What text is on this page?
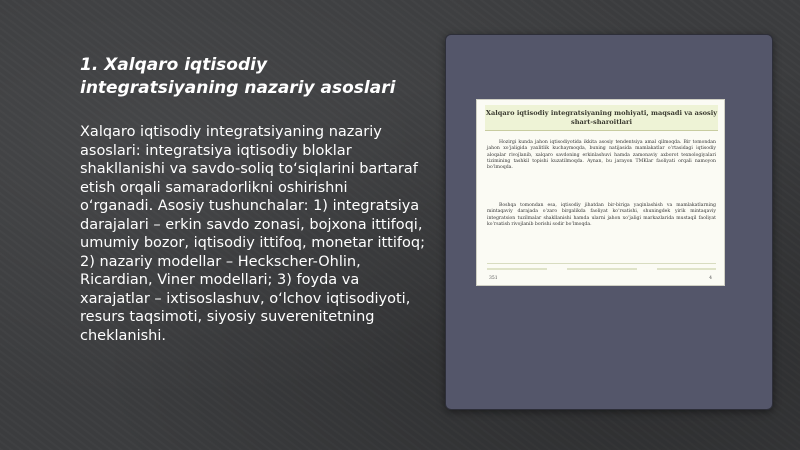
1. Xalqaro iqtisodiy integratsiyaning nazariy asoslari

Xalqaro iqtisodiy integratsiyaning nazariy asoslari: integratsiya iqtisodiy bloklar shakllanishi va savdo-soliq to‘siqlarini bartaraf etish orqali samaradorlikni oshirishni o‘rganadi. Asosiy tushunchalar: 1) integratsiya darajalari – erkin savdo zonasi, bojxona ittifoqi, umumiy bozor, iqtisodiy ittifoq, monetar ittifoq; 2) nazariy modellar – Heckscher-Ohlin, Ricardian, Viner modellari; 3) foyda va xarajatlar – ixtisoslashuv, o‘lchov iqtisodiyoti, resurs taqsimoti, siyosiy suverenitetning cheklanishi.

Xalqaro iqtisodiy integratsiyaning mohiyati, maqsadi va asosiy shart-sharoitlari

Hozirgi kunda jahon iqtisodiyotida ikkita asosiy tendentsiya amal qilmoqda. Bir tomondan jahon xo‘jaligida yaxlitlik kuchaymoqda, buning natijasida mamlakatlar o‘rtasidagi iqtisodiy aloqalar rivojlanib, xalqaro savdoning erkinlashuvi hamda zamonaviy axborot texnologiyalari tizimining tashkil topishi kuzatilmoqda. Aynan, bu jarayon TMKlar faoliyati orqali namoyon bo‘lmoqda.

Boshqa tomondan esa, iqtisodiy jihatdan bir-biriga yaqinlashish va mamlakatlarning mintaqaviy darajada o‘zaro birgalikda faoliyat ko‘rsatishi, shuningdek yirik mintaqaviy integratsion tuzilmalar shakllanishi hamda ularni jahon xo‘jaligi markazlarida mustaqil faoliyat ko‘rsatish rivojlanib borishi sodir bo‘lmoqda.

351	4
